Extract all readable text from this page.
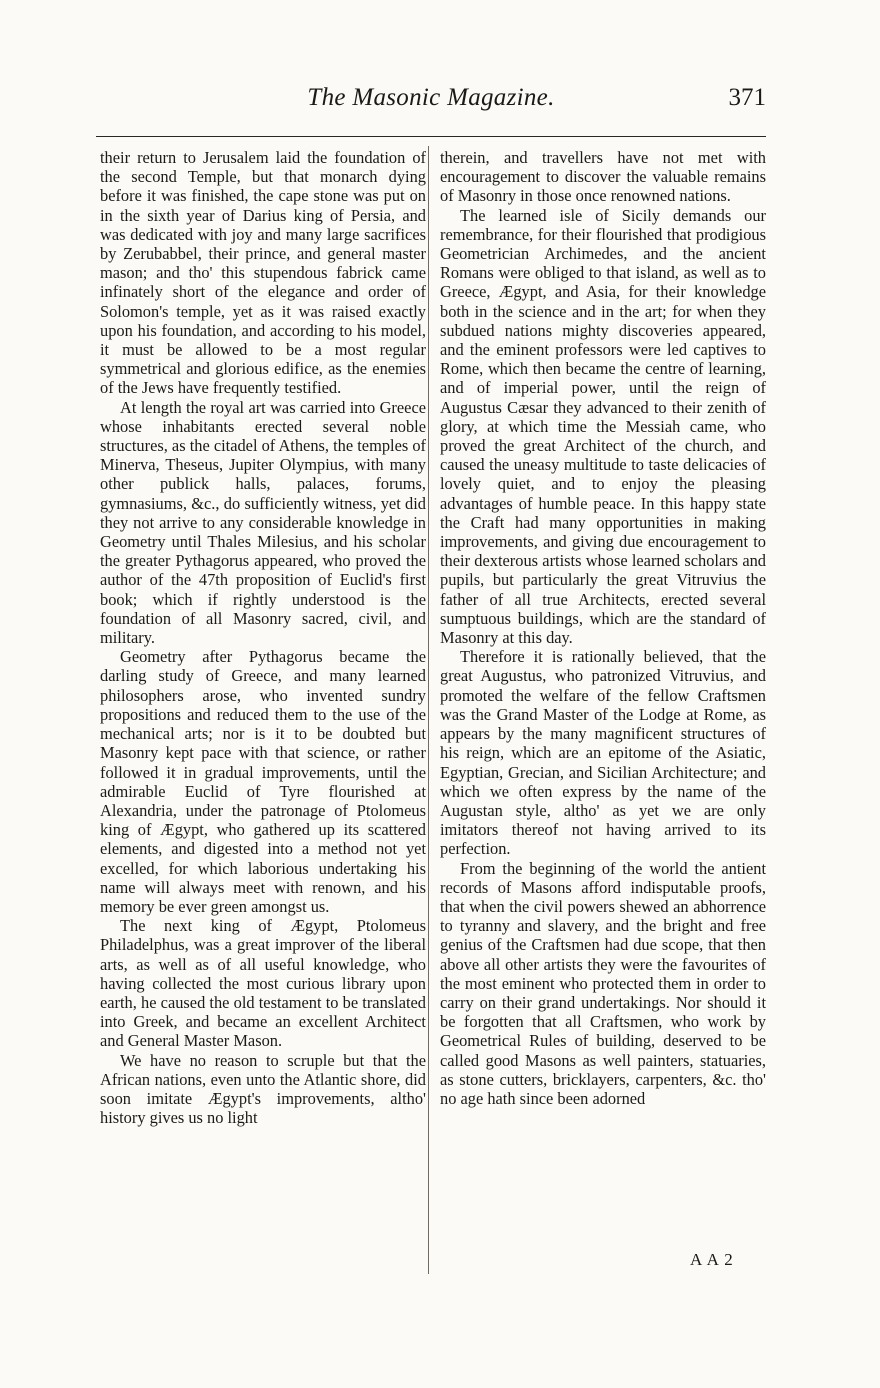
The Masonic Magazine.	371

their return to Jerusalem laid the foundation of the second Temple, but that monarch dying before it was finished, the cape stone was put on in the sixth year of Darius king of Persia, and was dedicated with joy and many large sacrifices by Zerubabbel, their prince, and general master mason; and tho' this stupendous fabrick came infinately short of the elegance and order of Solomon's temple, yet as it was raised exactly upon his foundation, and according to his model, it must be allowed to be a most regular symmetrical and glorious edifice, as the enemies of the Jews have frequently testified.

At length the royal art was carried into Greece whose inhabitants erected several noble structures, as the citadel of Athens, the temples of Minerva, Theseus, Jupiter Olympius, with many other publick halls, palaces, forums, gymnasiums, &c., do sufficiently witness, yet did they not arrive to any considerable knowledge in Geometry until Thales Milesius, and his scholar the greater Pythagorus appeared, who proved the author of the 47th proposition of Euclid's first book; which if rightly understood is the foundation of all Masonry sacred, civil, and military.

Geometry after Pythagorus became the darling study of Greece, and many learned philosophers arose, who invented sundry propositions and reduced them to the use of the mechanical arts; nor is it to be doubted but Masonry kept pace with that science, or rather followed it in gradual improvements, until the admirable Euclid of Tyre flourished at Alexandria, under the patronage of Ptolomeus king of Ægypt, who gathered up its scattered elements, and digested into a method not yet excelled, for which laborious undertaking his name will always meet with renown, and his memory be ever green amongst us.

The next king of Ægypt, Ptolomeus Philadelphus, was a great improver of the liberal arts, as well as of all useful knowledge, who having collected the most curious library upon earth, he caused the old testament to be translated into Greek, and became an excellent Architect and General Master Mason.

We have no reason to scruple but that the African nations, even unto the Atlantic shore, did soon imitate Ægypt's improvements, altho' history gives us no light

therein, and travellers have not met with encouragement to discover the valuable remains of Masonry in those once renowned nations.

The learned isle of Sicily demands our remembrance, for their flourished that prodigious Geometrician Archimedes, and the ancient Romans were obliged to that island, as well as to Greece, Ægypt, and Asia, for their knowledge both in the science and in the art; for when they subdued nations mighty discoveries appeared, and the eminent professors were led captives to Rome, which then became the centre of learning, and of imperial power, until the reign of Augustus Cæsar they advanced to their zenith of glory, at which time the Messiah came, who proved the great Architect of the church, and caused the uneasy multitude to taste delicacies of lovely quiet, and to enjoy the pleasing advantages of humble peace. In this happy state the Craft had many opportunities in making improvements, and giving due encouragement to their dexterous artists whose learned scholars and pupils, but particularly the great Vitruvius the father of all true Architects, erected several sumptuous buildings, which are the standard of Masonry at this day.

Therefore it is rationally believed, that the great Augustus, who patronized Vitruvius, and promoted the welfare of the fellow Craftsmen was the Grand Master of the Lodge at Rome, as appears by the many magnificent structures of his reign, which are an epitome of the Asiatic, Egyptian, Grecian, and Sicilian Architecture; and which we often express by the name of the Augustan style, altho' as yet we are only imitators thereof not having arrived to its perfection.

From the beginning of the world the antient records of Masons afford indisputable proofs, that when the civil powers shewed an abhorrence to tyranny and slavery, and the bright and free genius of the Craftsmen had due scope, that then above all other artists they were the favourites of the most eminent who protected them in order to carry on their grand undertakings. Nor should it be forgotten that all Craftsmen, who work by Geometrical Rules of building, deserved to be called good Masons as well painters, statuaries, as stone cutters, bricklayers, carpenters, &c. tho' no age hath since been adorned

A A 2
